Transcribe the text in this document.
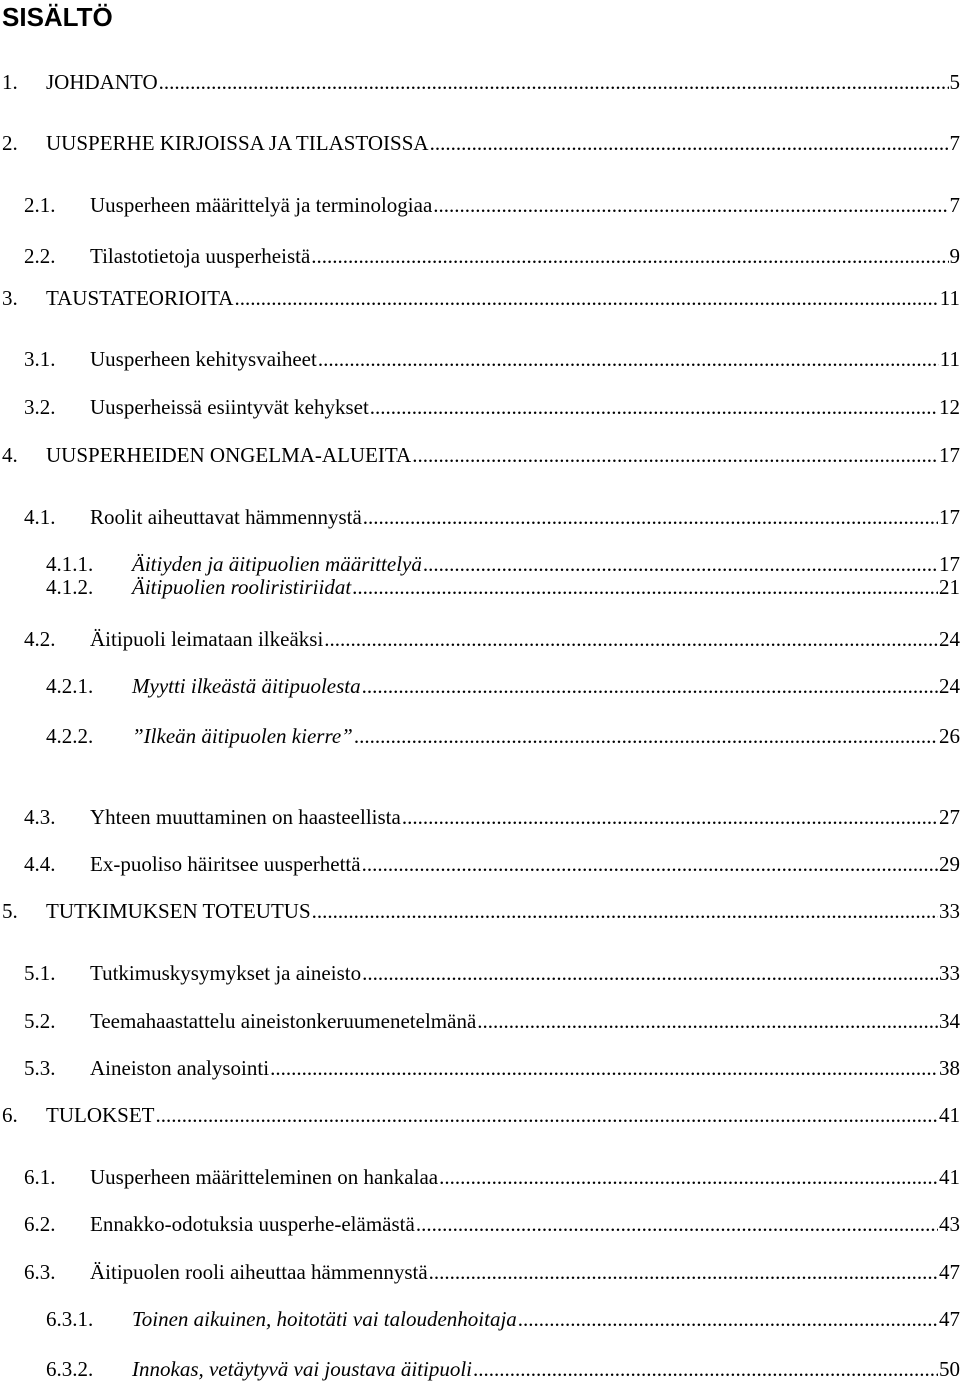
SISÄLTÖ
1.	JOHDANTO .....	5
2.	UUSPERHE KIRJOISSA JA TILASTOISSA .....	7
2.1.	Uusperheen määrittelyä ja terminologiaa .....	7
2.2.	Tilastotietoja uusperheistä .....	9
3.	TAUSTATEORIOITA .....	11
3.1.	Uusperheen kehitysvaiheet .....	11
3.2.	Uusperheissä esiintyvät kehykset .....	12
4.	UUSPERHEIDEN ONGELMA-ALUEITA .....	17
4.1.	Roolit aiheuttavat hämmennystä .....	17
4.1.1.	Äitiyden ja äitipuolien määrittelyä .....	17
4.1.2.	Äitipuolien rooliristiriidat .....	21
4.2.	Äitipuoli leimataan ilkeäksi .....	24
4.2.1.	Myytti ilkeästä äitipuolesta .....	24
4.2.2.	”Ilkeän äitipuolen kierre” .....	26
4.3.	Yhteen muuttaminen on haasteellista .....	27
4.4.	Ex-puoliso häiritsee uusperhettä .....	29
5.	TUTKIMUKSEN TOTEUTUS .....	33
5.1.	Tutkimuskysymykset ja aineisto .....	33
5.2.	Teemahaastattelu aineistonkeruumenetelmänä .....	34
5.3.	Aineiston analysointi .....	38
6.	TULOKSET .....	41
6.1.	Uusperheen määritteleminen on hankalaa .....	41
6.2.	Ennakko-odotuksia uusperhe-elämästä .....	43
6.3.	Äitipuolen rooli aiheuttaa hämmennystä .....	47
6.3.1.	Toinen aikuinen, hoitotäti vai taloudenhoitaja .....	47
6.3.2.	Innokas, vetäytyvä vai joustava äitipuoli .....	50
